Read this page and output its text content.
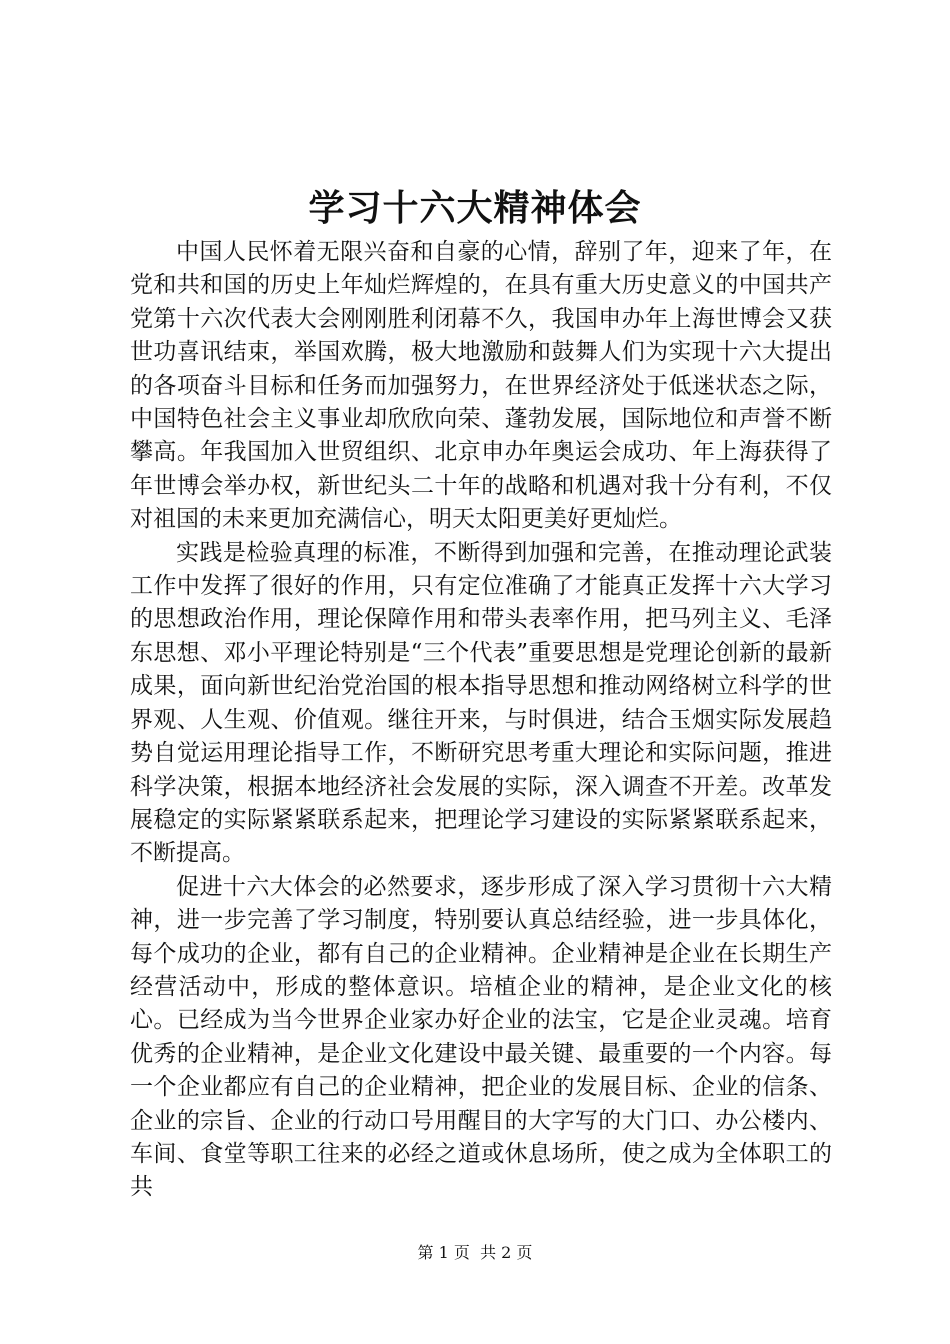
学习十六大精神体会

中国人民怀着无限兴奋和自豪的心情，辞别了年，迎来了年，在党和共和国的历史上年灿烂辉煌的，在具有重大历史意义的中国共产党第十六次代表大会刚刚胜利闭幕不久，我国申办年上海世博会又获世功喜讯结束，举国欢腾，极大地激励和鼓舞人们为实现十六大提出的各项奋斗目标和任务而加强努力，在世界经济处于低迷状态之际，中国特色社会主义事业却欣欣向荣、蓬勃发展，国际地位和声誉不断攀高。年我国加入世贸组织、北京申办年奥运会成功、年上海获得了年世博会举办权，新世纪头二十年的战略和机遇对我十分有利，不仅对祖国的未来更加充满信心，明天太阳更美好更灿烂。

实践是检验真理的标准，不断得到加强和完善，在推动理论武装工作中发挥了很好的作用，只有定位准确了才能真正发挥十六大学习的思想政治作用，理论保障作用和带头表率作用，把马列主义、毛泽东思想、邓小平理论特别是“三个代表”重要思想是党理论创新的最新成果，面向新世纪治党治国的根本指导思想和推动网络树立科学的世界观、人生观、价值观。继往开来，与时俱进，结合玉烟实际发展趋势自觉运用理论指导工作，不断研究思考重大理论和实际问题，推进科学决策，根据本地经济社会发展的实际，深入调查不开差。改革发展稳定的实际紧紧联系起来，把理论学习建设的实际紧紧联系起来，不断提高。

促进十六大体会的必然要求，逐步形成了深入学习贯彻十六大精神，进一步完善了学习制度，特别要认真总结经验，进一步具体化，每个成功的企业，都有自己的企业精神。企业精神是企业在长期生产经营活动中，形成的整体意识。培植企业的精神，是企业文化的核心。已经成为当今世界企业家办好企业的法宝，它是企业灵魂。培育优秀的企业精神，是企业文化建设中最关键、最重要的一个内容。每一个企业都应有自己的企业精神，把企业的发展目标、企业的信条、企业的宗旨、企业的行动口号用醒目的大字写的大门口、办公楼内、车间、食堂等职工往来的必经之道或休息场所，使之成为全体职工的共

第 1 页  共 2 页
